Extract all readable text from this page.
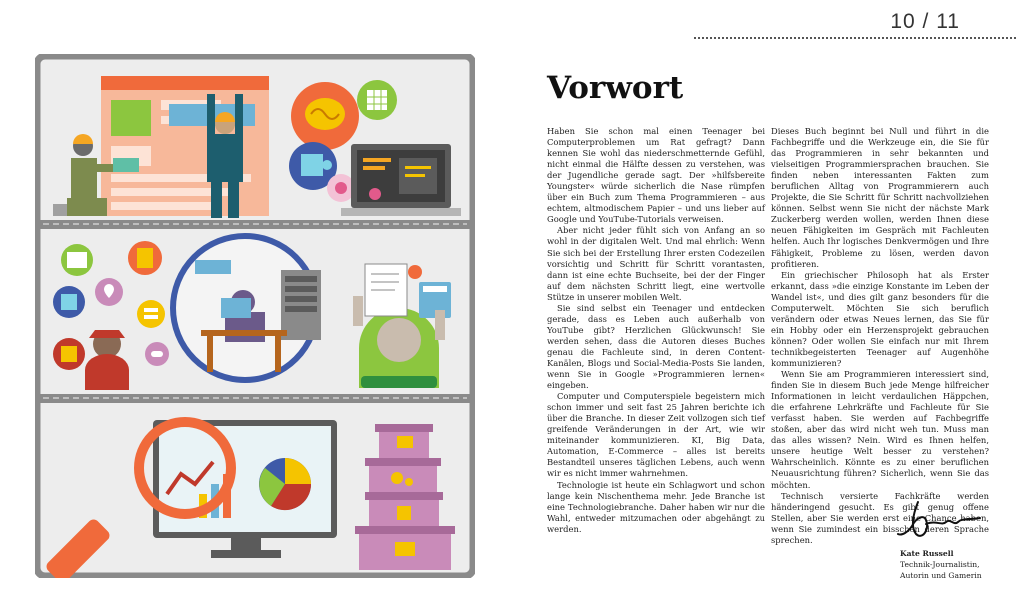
10 / 11
Vorwort

Haben Sie schon mal einen Teenager bei Computerproblemen um Rat gefragt? Dann kennen Sie wohl das niederschmetternde Gefühl, nicht einmal die Hälfte dessen zu verstehen, was der Jugendliche gerade sagt. Der »hilfsbereite Youngster« würde sicherlich die Nase rümpfen über ein Buch zum Thema Programmieren – aus echtem, altmodischem Papier – und uns lieber auf Google und YouTube-Tutorials verweisen.

Aber nicht jeder fühlt sich von Anfang an so wohl in der digitalen Welt. Und mal ehrlich: Wenn Sie sich bei der Erstellung Ihrer ersten Codezeilen vorsichtig und Schritt für Schritt vorantasten, dann ist eine echte Buchseite, bei der der Finger auf dem nächsten Schritt liegt, eine wertvolle Stütze in unserer mobilen Welt.

Sie sind selbst ein Teenager und entdecken gerade, dass es Leben auch außerhalb von YouTube gibt? Herzlichen Glückwunsch! Sie werden sehen, dass die Autoren dieses Buches genau die Fachleute sind, in deren Content-Kanälen, Blogs und Social-Media-Posts Sie landen, wenn Sie in Google »Programmieren lernen« eingeben.

Computer und Computerspiele begeistern mich schon immer und seit fast 25 Jahren berichte ich über die Branche. In dieser Zeit vollzogen sich tief greifende Veränderungen in der Art, wie wir miteinander kommunizieren. KI, Big Data, Automation, E-Commerce – alles ist bereits Bestandteil unseres täglichen Lebens, auch wenn wir es nicht immer wahrnehmen.

Technologie ist heute ein Schlagwort und schon lange kein Nischenthema mehr. Jede Branche ist eine Technologiebranche. Daher haben wir nur die Wahl, entweder mitzumachen oder abgehängt zu werden.

Dieses Buch beginnt bei Null und führt in die Fachbegriffe und die Werkzeuge ein, die Sie für das Programmieren in sehr bekannten und vielseitigen Programmiersprachen brauchen. Sie finden neben interessanten Fakten zum beruflichen Alltag von Programmierern auch Projekte, die Sie Schritt für Schritt nachvollziehen können. Selbst wenn Sie nicht der nächste Mark Zuckerberg werden wollen, werden Ihnen diese neuen Fähigkeiten im Gespräch mit Fachleuten helfen. Auch Ihr logisches Denkvermögen und Ihre Fähigkeit, Probleme zu lösen, werden davon profitieren.

Ein griechischer Philosoph hat als Erster erkannt, dass »die einzige Konstante im Leben der Wandel ist«, und dies gilt ganz besonders für die Computerwelt. Möchten Sie sich beruflich verändern oder etwas Neues lernen, das Sie für ein Hobby oder ein Herzensprojekt gebrauchen können? Oder wollen Sie einfach nur mit Ihrem technikbegeisterten Teenager auf Augenhöhe kommunizieren?

Wenn Sie am Programmieren interessiert sind, finden Sie in diesem Buch jede Menge hilfreicher Informationen in leicht verdaulichen Häppchen, die erfahrene Lehrkräfte und Fachleute für Sie verfasst haben. Sie werden auf Fachbegriffe stoßen, aber das wird nicht weh tun. Muss man das alles wissen? Nein. Wird es Ihnen helfen, unsere heutige Welt besser zu verstehen? Wahrscheinlich. Könnte es zu einer beruflichen Neuausrichtung führen? Sicherlich, wenn Sie das möchten.

Technisch versierte Fachkräfte werden händeringend gesucht. Es gibt genug offene Stellen, aber Sie werden erst eine Chance haben, wenn Sie zumindest ein bisschen deren Sprache sprechen.

Kate Russell
Technik-Journalistin,
Autorin und Gamerin
